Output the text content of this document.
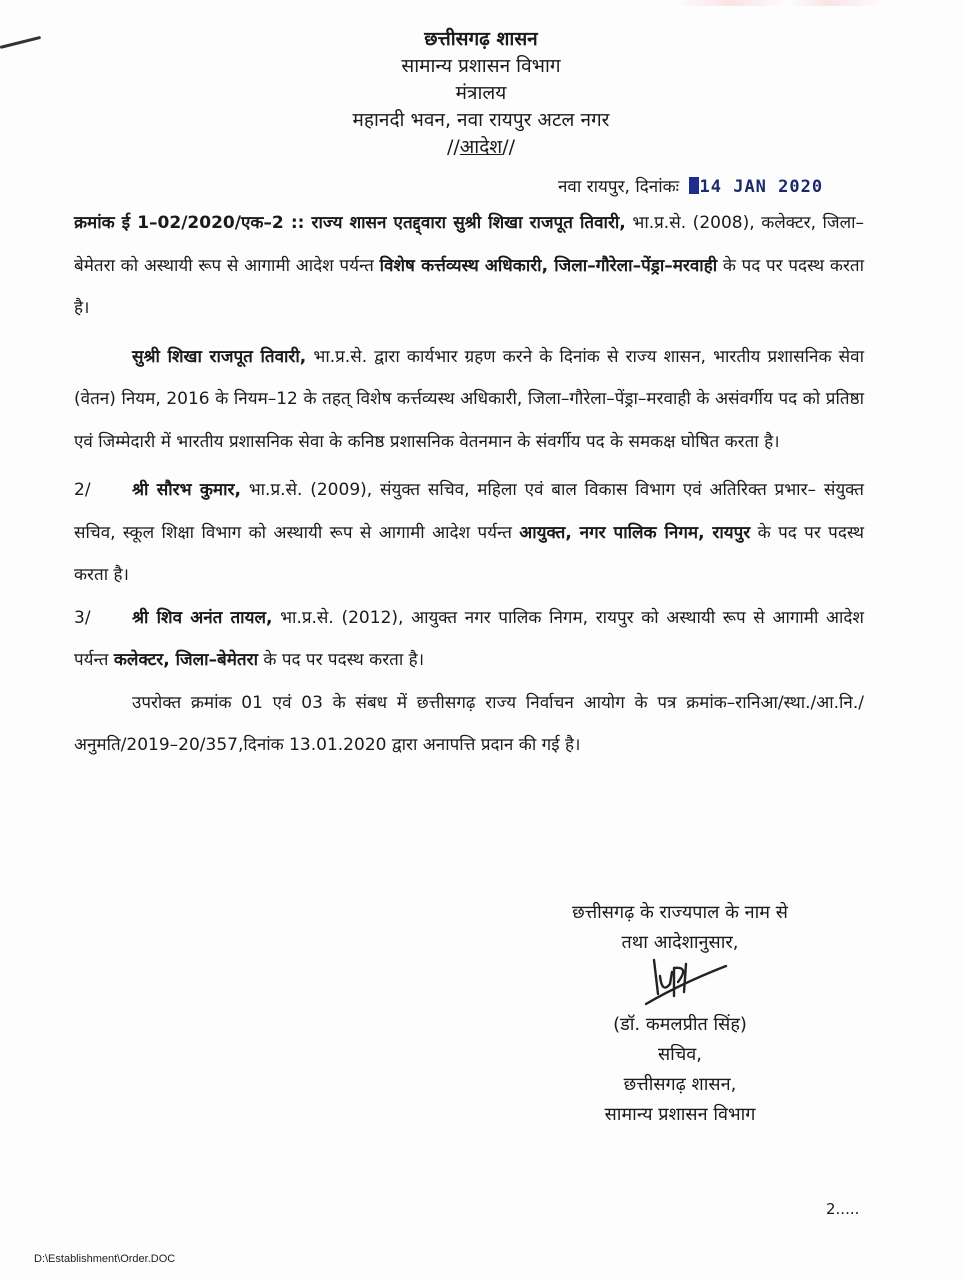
छत्तीसगढ़ शासन
सामान्य प्रशासन विभाग
मंत्रालय
महानदी भवन, नवा रायपुर अटल नगर
//आदेश//
नवा रायपुर, दिनांकः 14 JAN 2020

क्रमांक ई 1–02/2020/एक–2 :: राज्य शासन एतद्द्वारा सुश्री शिखा राजपूत तिवारी, भा.प्र.से. (2008), कलेक्टर, जिला–बेमेतरा को अस्थायी रूप से आगामी आदेश पर्यन्त विशेष कर्त्तव्यस्थ अधिकारी, जिला–गौरेला–पेंड्रा–मरवाही के पद पर पदस्थ करता है।

सुश्री शिखा राजपूत तिवारी, भा.प्र.से. द्वारा कार्यभार ग्रहण करने के दिनांक से राज्य शासन, भारतीय प्रशासनिक सेवा (वेतन) नियम, 2016 के नियम–12 के तहत् विशेष कर्त्तव्यस्थ अधिकारी, जिला–गौरेला–पेंड्रा–मरवाही के असंवर्गीय पद को प्रतिष्ठा एवं जिम्मेदारी में भारतीय प्रशासनिक सेवा के कनिष्ठ प्रशासनिक वेतनमान के संवर्गीय पद के समकक्ष घोषित करता है।

2/ श्री सौरभ कुमार, भा.प्र.से. (2009), संयुक्त सचिव, महिला एवं बाल विकास विभाग एवं अतिरिक्त प्रभार– संयुक्त सचिव, स्कूल शिक्षा विभाग को अस्थायी रूप से आगामी आदेश पर्यन्त आयुक्त, नगर पालिक निगम, रायपुर के पद पर पदस्थ करता है।

3/ श्री शिव अनंत तायल, भा.प्र.से. (2012), आयुक्त नगर पालिक निगम, रायपुर को अस्थायी रूप से आगामी आदेश पर्यन्त कलेक्टर, जिला–बेमेतरा के पद पर पदस्थ करता है।

उपरोक्त क्रमांक 01 एवं 03 के संबध में छत्तीसगढ़ राज्य निर्वाचन आयोग के पत्र क्रमांक–रानिआ/स्था./आ.नि./अनुमति/2019–20/357,दिनांक 13.01.2020 द्वारा अनापत्ति प्रदान की गई है।

छत्तीसगढ़ के राज्यपाल के नाम से
तथा आदेशानुसार,
(डॉ. कमलप्रीत सिंह)
सचिव,
छत्तीसगढ़ शासन,
सामान्य प्रशासन विभाग
2.....
D:\Establishment\Order.DOC
